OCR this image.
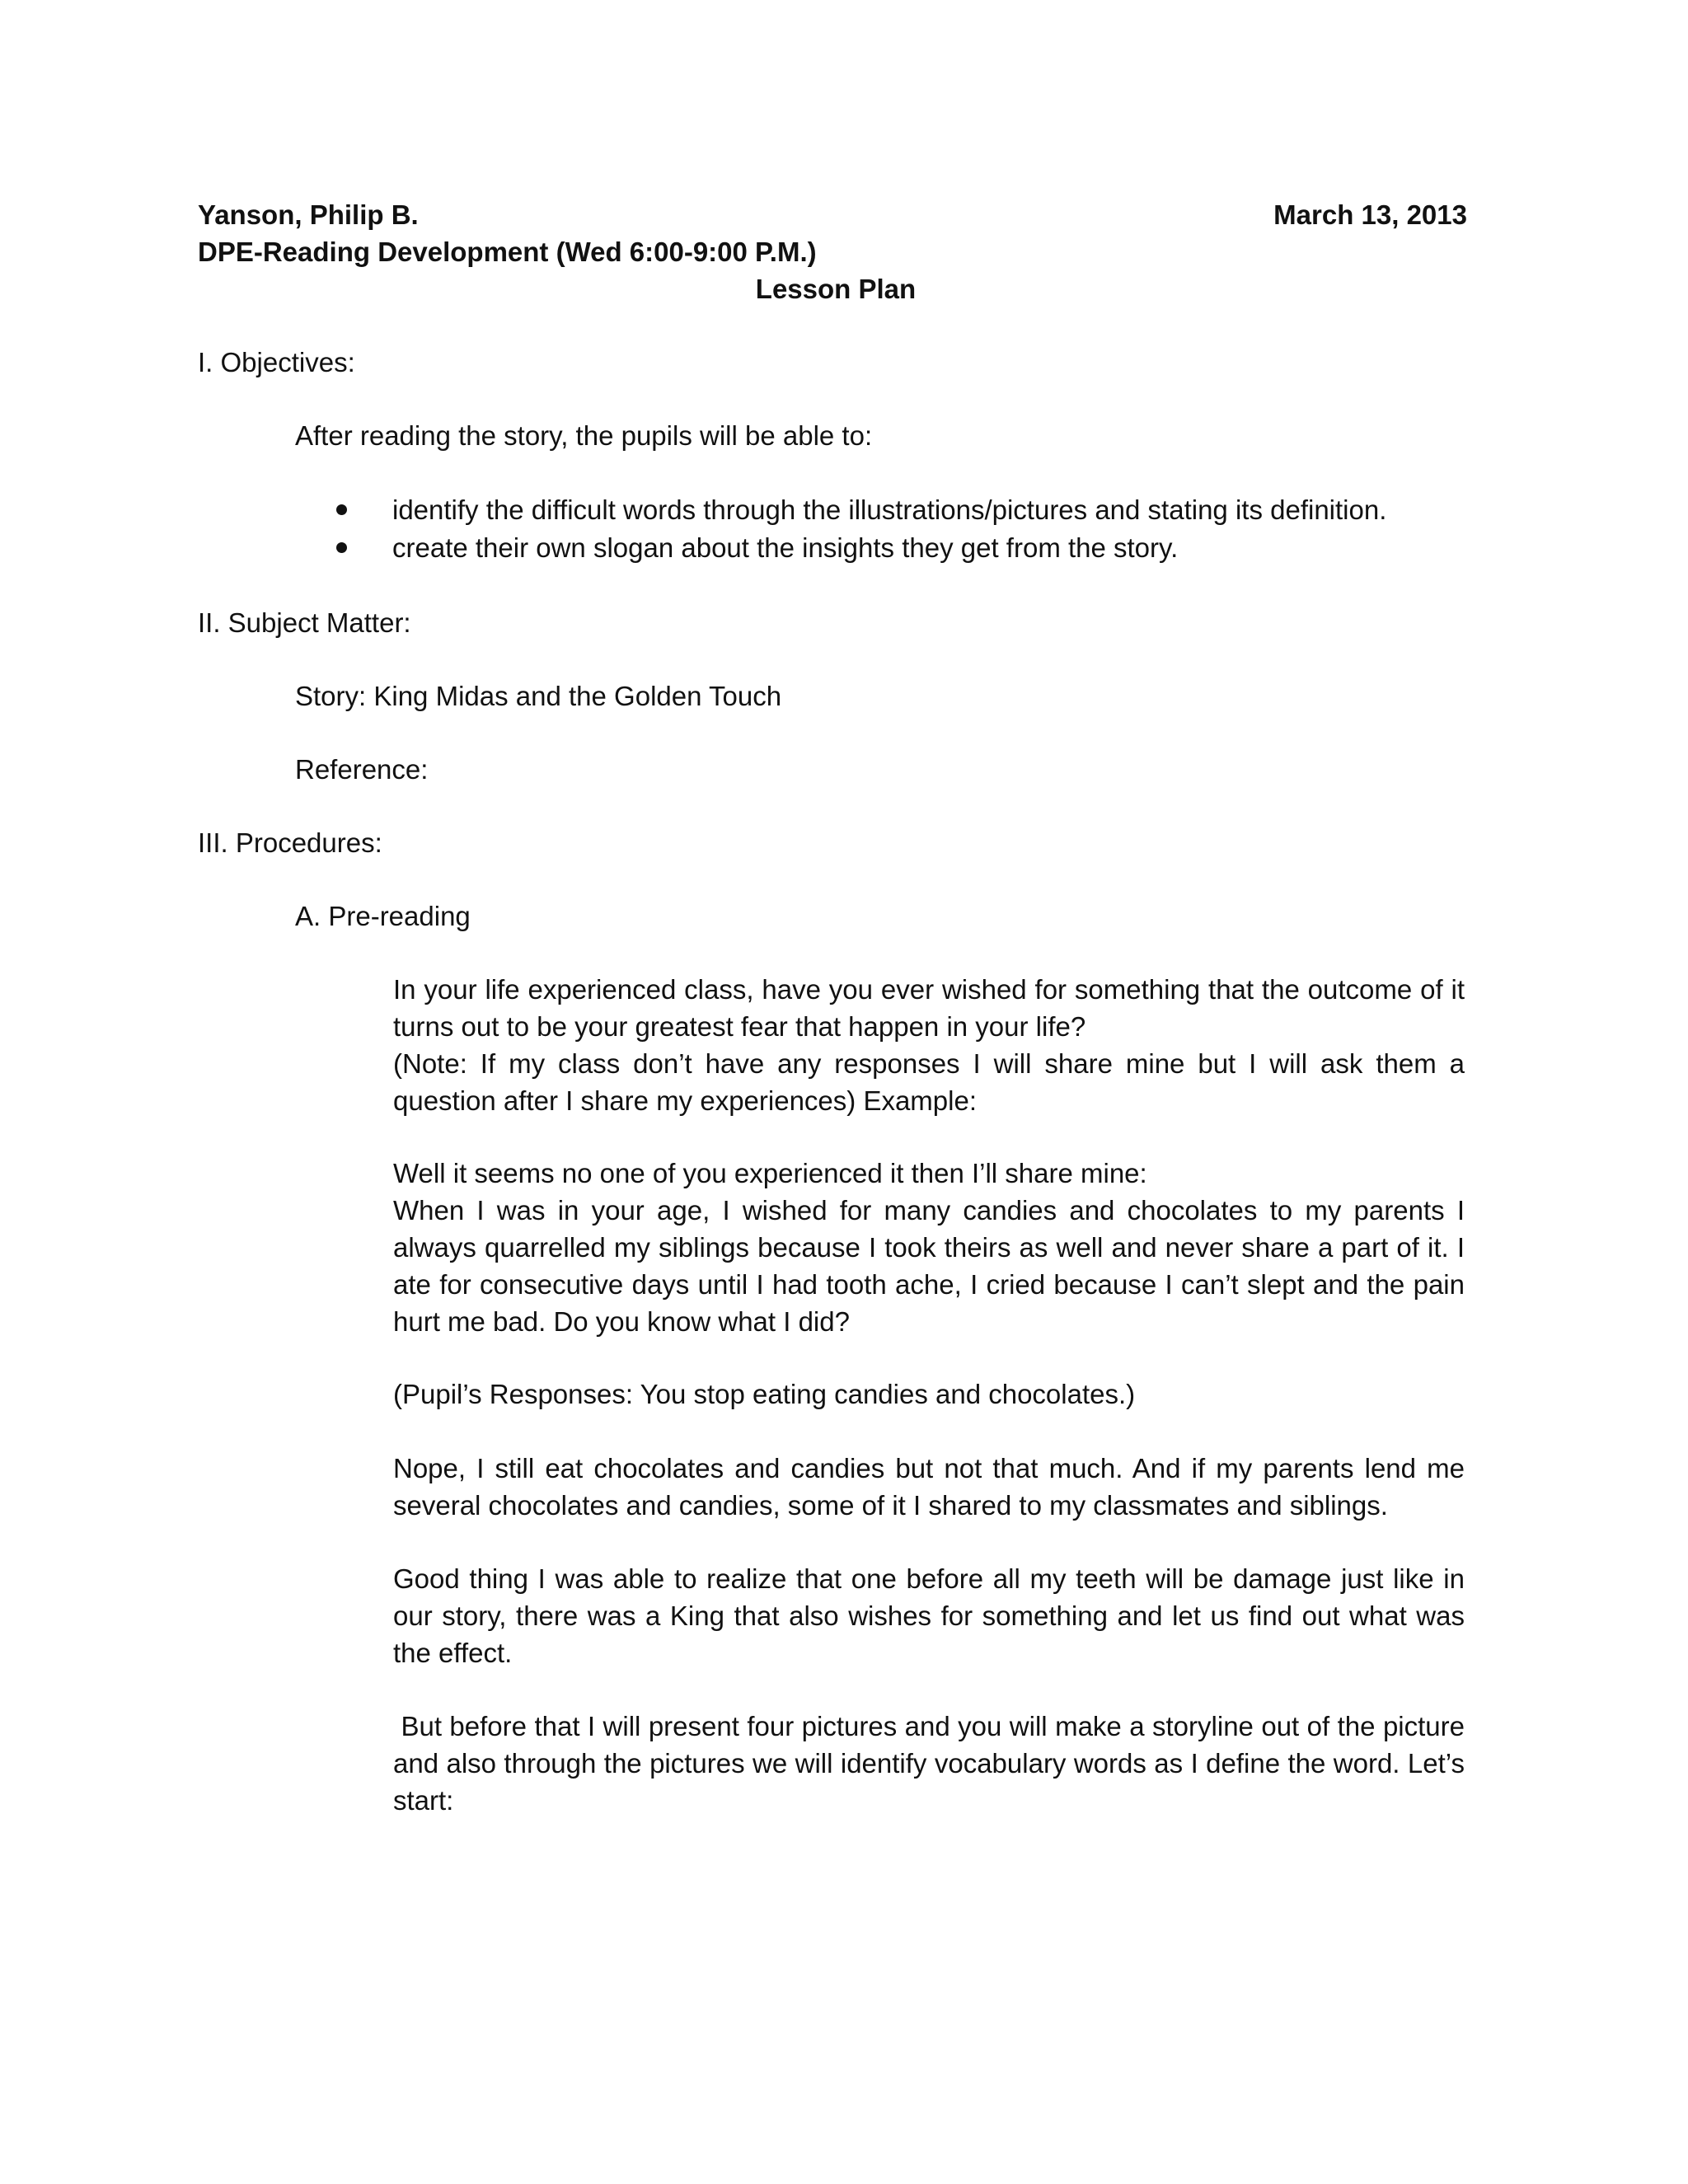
Yanson, Philip B.	March 13, 2013
DPE-Reading Development (Wed 6:00-9:00 P.M.)
Lesson Plan
I. Objectives:
After reading the story, the pupils will be able to:
identify the difficult words through the illustrations/pictures and stating its definition.
create their own slogan about the insights they get from the story.
II. Subject Matter:
Story: King Midas and the Golden Touch
Reference:
III. Procedures:
A. Pre-reading
In your life experienced class, have you ever wished for something that the outcome of it turns out to be your greatest fear that happen in your life?
(Note: If my class don’t have any responses I will share mine but I will ask them a question after I share my experiences) Example:
Well it seems no one of you experienced it then I’ll share mine:
When I was in your age, I wished for many candies and chocolates to my parents I always quarrelled my siblings because I took theirs as well and never share a part of it. I ate for consecutive days until I had tooth ache, I cried because I can’t slept and the pain hurt me bad. Do you know what I did?
(Pupil’s Responses: You stop eating candies and chocolates.)
Nope, I still eat chocolates and candies but not that much. And if my parents lend me several chocolates and candies, some of it I shared to my classmates and siblings.
Good thing I was able to realize that one before all my teeth will be damage just like in our story, there was a King that also wishes for something and let us find out what was the effect.
But before that I will present four pictures and you will make a storyline out of the picture and also through the pictures we will identify vocabulary words as I define the word. Let’s start:
